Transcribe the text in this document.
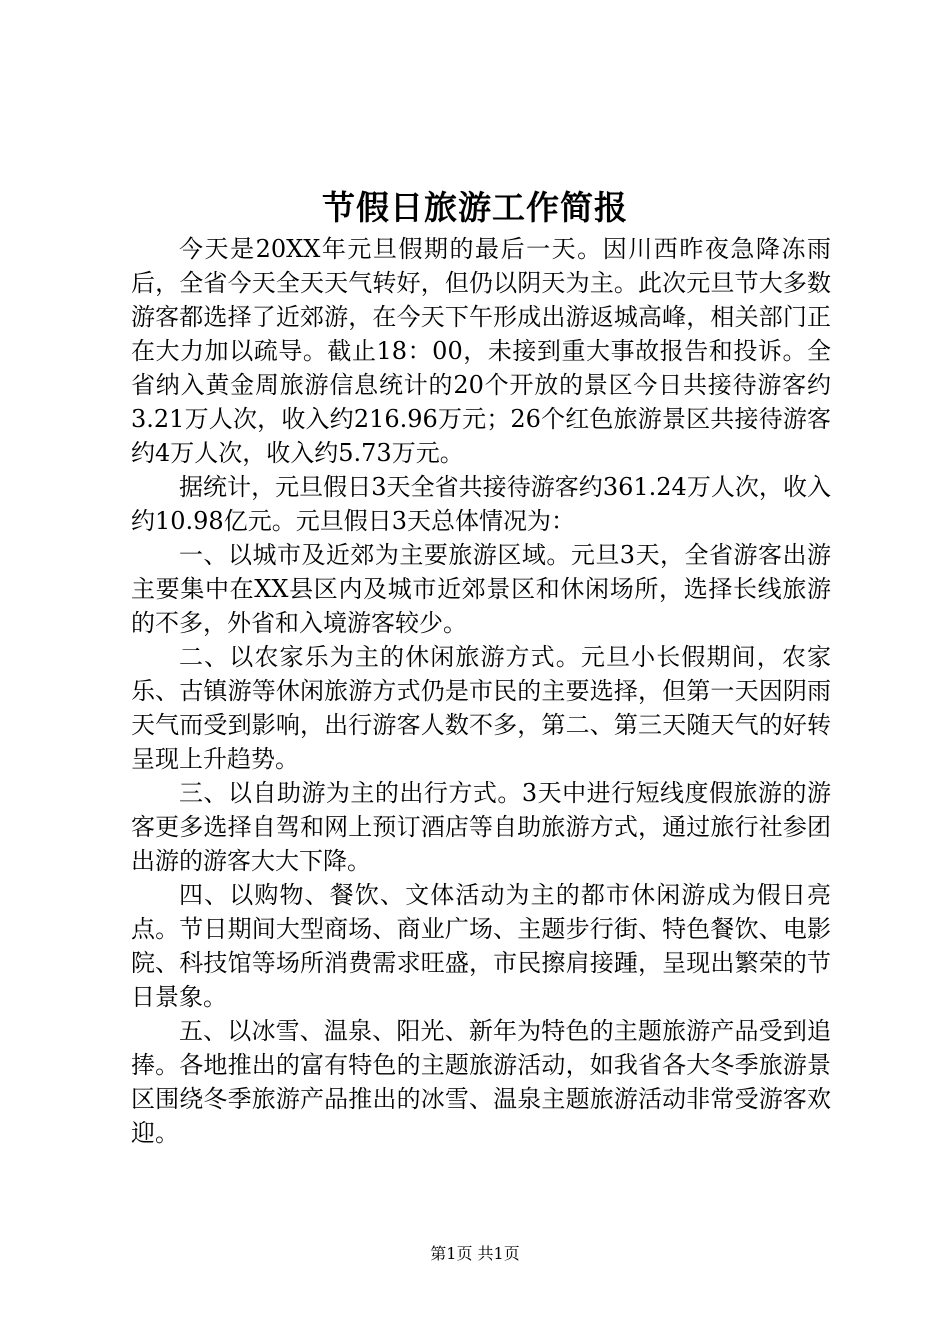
节假日旅游工作简报

今天是20XX年元旦假期的最后一天。因川西昨夜急降冻雨后，全省今天全天天气转好，但仍以阴天为主。此次元旦节大多数游客都选择了近郊游，在今天下午形成出游返城高峰，相关部门正在大力加以疏导。截止18：00，未接到重大事故报告和投诉。全省纳入黄金周旅游信息统计的20个开放的景区今日共接待游客约3.21万人次，收入约216.96万元；26个红色旅游景区共接待游客约4万人次，收入约5.73万元。

据统计，元旦假日3天全省共接待游客约361.24万人次，收入约10.98亿元。元旦假日3天总体情况为：

一、以城市及近郊为主要旅游区域。元旦3天，全省游客出游主要集中在XX县区内及城市近郊景区和休闲场所，选择长线旅游的不多，外省和入境游客较少。

二、以农家乐为主的休闲旅游方式。元旦小长假期间，农家乐、古镇游等休闲旅游方式仍是市民的主要选择，但第一天因阴雨天气而受到影响，出行游客人数不多，第二、第三天随天气的好转呈现上升趋势。

三、以自助游为主的出行方式。3天中进行短线度假旅游的游客更多选择自驾和网上预订酒店等自助旅游方式，通过旅行社参团出游的游客大大下降。

四、以购物、餐饮、文体活动为主的都市休闲游成为假日亮点。节日期间大型商场、商业广场、主题步行街、特色餐饮、电影院、科技馆等场所消费需求旺盛，市民擦肩接踵，呈现出繁荣的节日景象。

五、以冰雪、温泉、阳光、新年为特色的主题旅游产品受到追捧。各地推出的富有特色的主题旅游活动，如我省各大冬季旅游景区围绕冬季旅游产品推出的冰雪、温泉主题旅游活动非常受游客欢迎。

第1页 共1页
